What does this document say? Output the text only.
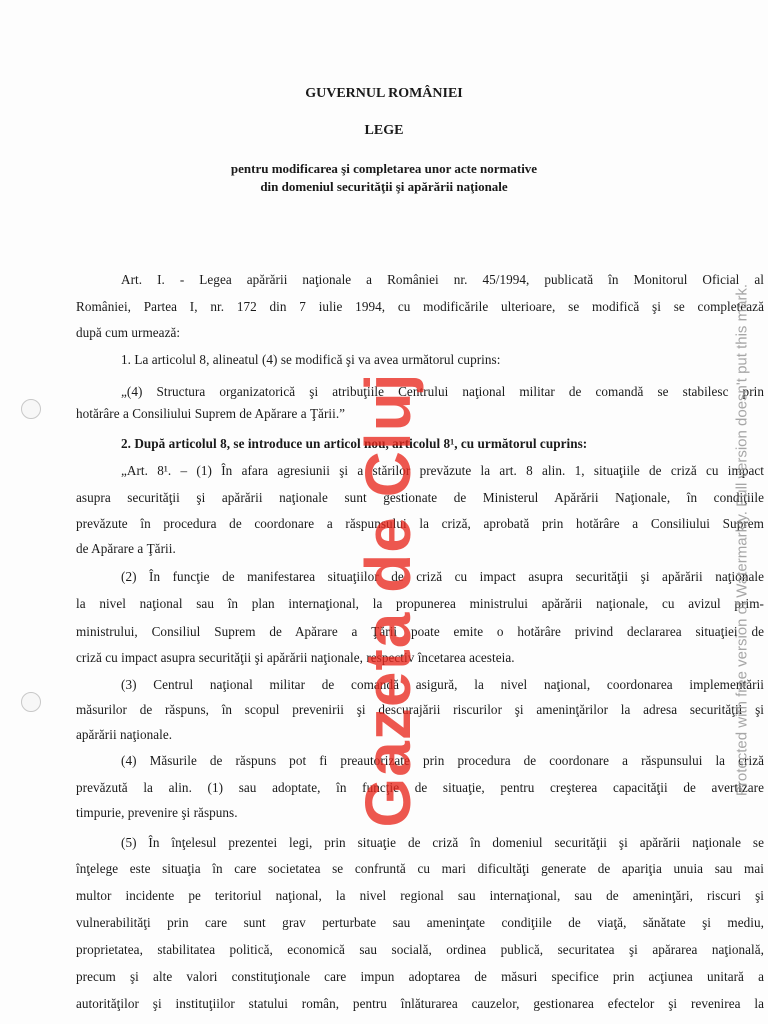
GUVERNUL ROMÂNIEI
LEGE
pentru modificarea şi completarea unor acte normative
din domeniul securităţii şi apărării naţionale
Art. I. - Legea apărării naţionale a României nr. 45/1994, publicată în Monitorul Oficial al
României, Partea I, nr. 172 din 7 iulie 1994, cu modificările ulterioare, se modifică şi se completează
după cum urmează:
1. La articolul 8, alineatul (4) se modifică şi va avea următorul cuprins:
„(4) Structura organizatorică şi atribuţiile Centrului naţional militar de comandă se stabilesc prin
hotărâre a Consiliului Suprem de Apărare a Ţării.”
2. După articolul 8, se introduce un articol nou, articolul 8¹, cu următorul cuprins:
„Art. 8¹. – (1) În afara agresiunii şi a stărilor prevăzute la art. 8 alin. 1, situaţiile de criză cu impact
asupra securităţii şi apărării naţionale sunt gestionate de Ministerul Apărării Naţionale, în condiţiile
prevăzute în procedura de coordonare a răspunsului la criză, aprobată prin hotărâre a Consiliului Suprem
de Apărare a Ţării.
(2) În funcţie de manifestarea situaţiilor de criză cu impact asupra securităţii şi apărării naţionale
la nivel naţional sau în plan internaţional, la propunerea ministrului apărării naţionale, cu avizul prim-
ministrului, Consiliul Suprem de Apărare a Ţării poate emite o hotărâre privind declararea situaţiei de
criză cu impact asupra securităţii şi apărării naţionale, respectiv încetarea acesteia.
(3) Centrul naţional militar de comandă asigură, la nivel naţional, coordonarea implementării
măsurilor de răspuns, în scopul prevenirii şi descurajării riscurilor şi ameninţărilor la adresa securităţii şi
apărării naţionale.
(4) Măsurile de răspuns pot fi preautorizate prin procedura de coordonare a răspunsului la criză
prevăzută la alin. (1) sau adoptate, în funcţie de situaţie, pentru creşterea capacităţii de avertizare
timpurie, prevenire şi răspuns.
(5) În înţelesul prezentei legi, prin situaţie de criză în domeniul securităţii şi apărării naţionale se
înţelege este situaţia în care societatea se confruntă cu mari dificultăţi generate de apariţia unuia sau mai
multor incidente pe teritoriul naţional, la nivel regional sau internaţional, sau de ameninţări, riscuri şi
vulnerabilităţi prin care sunt grav perturbate sau ameninţate condiţiile de viaţă, sănătate şi mediu,
proprietatea, stabilitatea politică, economică sau socială, ordinea publică, securitatea şi apărarea naţională,
precum şi alte valori constituţionale care impun adoptarea de măsuri specifice prin acţiunea unitară a
autorităţilor şi instituţiilor statului român, pentru înlăturarea cauzelor, gestionarea efectelor şi revenirea la
Gazeta de Cluj	Protected with free version of Watermarkly. Full version doesn't put this mark.
